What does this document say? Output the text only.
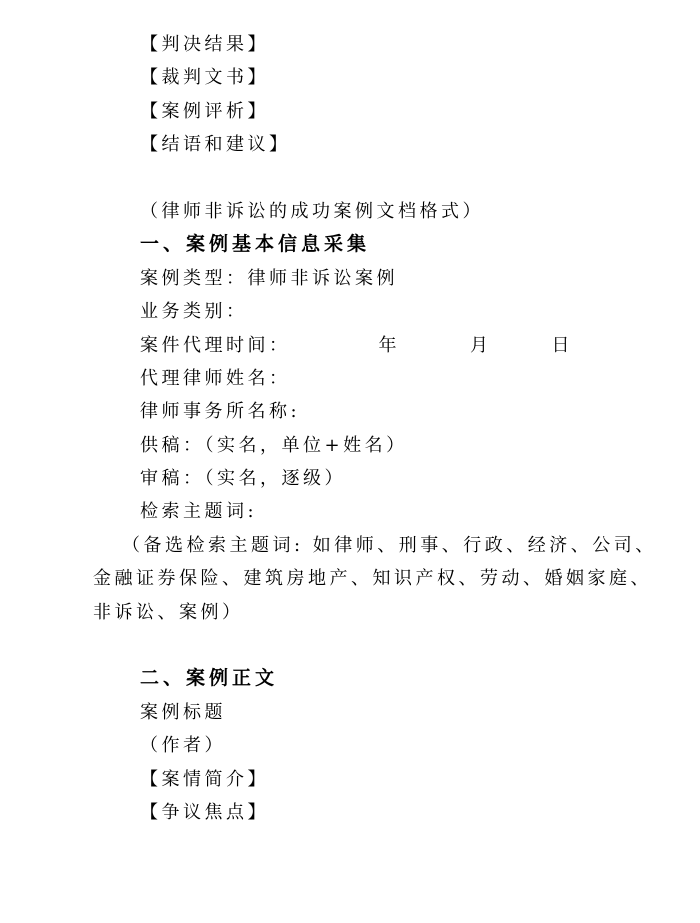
【判决结果】
【裁判文书】
【案例评析】
【结语和建议】
（律师非诉讼的成功案例文档格式）
一、案例基本信息采集
案例类型：律师非诉讼案例
业务类别：
案件代理时间：	年	月	日
代理律师姓名：
律师事务所名称:
供稿：（实名，单位+姓名）
审稿：（实名，逐级）
检索主题词:
（备选检索主题词: 如律师、刑事、行政、经济、公司、
金融证券保险、建筑房地产、知识产权、劳动、婚姻家庭、
非诉讼、案例）
二、案例正文
案例标题
（作者）
【案情简介】
【争议焦点】
